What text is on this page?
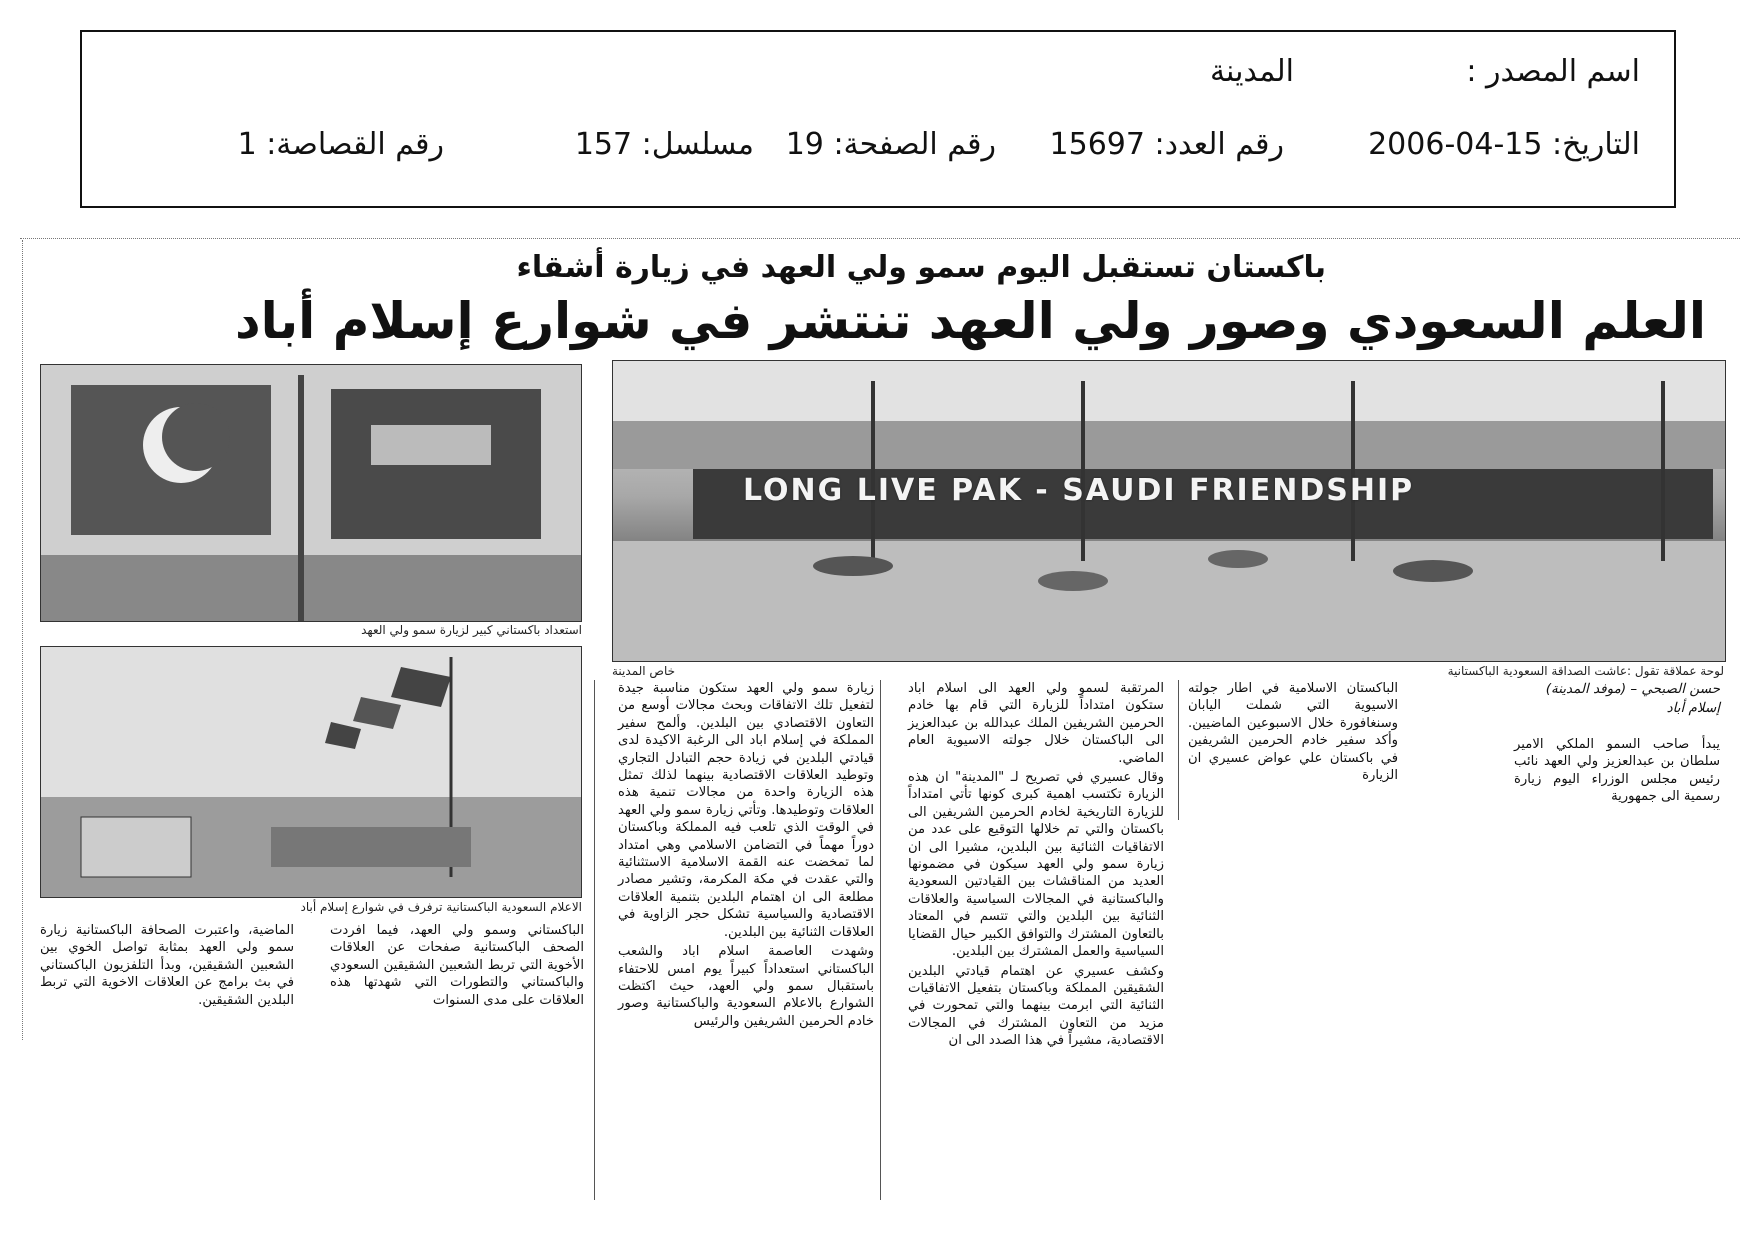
اسم المصدر :
المدينة
التاريخ: 15-04-2006
رقم العدد: 15697
رقم الصفحة: 19
مسلسل: 157
رقم القصاصة: 1
باكستان تستقبل اليوم سمو ولي العهد في زيارة أشقاء
العلم السعودي وصور ولي العهد تنتشر في شوارع إسلام أباد
LONG LIVE PAK - SAUDI FRIENDSHIP
لوحة عملاقة تقول :عاشت الصداقة السعودية الباكستانية
خاص المدينة
استعداد باكستاني كبير لزيارة سمو ولي العهد
الاعلام السعودية الباكستانية ترفرف في شوارع إسلام أباد
حسن الصبحي – (موفد المدينة) إسلام أباد
يبدأ صاحب السمو الملكي الامير سلطان بن عبدالعزيز ولي العهد نائب رئيس مجلس الوزراء اليوم زيارة رسمية الى جمهورية
الباكستان الاسلامية في اطار جولته الاسيوية التي شملت اليابان وسنغافورة خلال الاسبوعين الماضيين. وأكد سفير خادم الحرمين الشريفين في باكستان علي عواض عسيري ان الزيارة

المرتقبة لسمو ولي العهد الى اسلام اباد ستكون امتداداً للزيارة التي قام بها خادم الحرمين الشريفين الملك عبدالله بن عبدالعزيز الى الباكستان خلال جولته الاسيوية العام الماضي.

وقال عسيري في تصريح لـ "المدينة" ان هذه الزيارة تكتسب اهمية كبرى كونها تأتي امتداداً للزيارة التاريخية لخادم الحرمين الشريفين الى باكستان والتي تم خلالها التوقيع على عدد من الاتفاقيات الثنائية بين البلدين، مشيرا الى ان زيارة سمو ولي العهد سيكون في مضمونها العديد من المناقشات بين القيادتين السعودية والباكستانية في المجالات السياسية والعلاقات الثنائية بين البلدين والتي تتسم في المعتاد بالتعاون المشترك والتوافق الكبير حيال القضايا السياسية والعمل المشترك بين البلدين.

وكشف عسيري عن اهتمام قيادتي البلدين الشقيقين المملكة وباكستان بتفعيل الاتفاقيات الثنائية التي ابرمت بينهما والتي تمحورت في مزيد من التعاون المشترك في المجالات الاقتصادية، مشيراً في هذا الصدد الى ان

زيارة سمو ولي العهد ستكون مناسبة جيدة لتفعيل تلك الاتفاقات وبحث مجالات أوسع من التعاون الاقتصادي بين البلدين. وألمح سفير المملكة في إسلام اباد الى الرغبة الاكيدة لدى قيادتي البلدين في زيادة حجم التبادل التجاري وتوطيد العلاقات الاقتصادية بينهما لذلك تمثل هذه الزيارة واحدة من مجالات تنمية هذه العلاقات وتوطيدها. وتأتي زيارة سمو ولي العهد في الوقت الذي تلعب فيه المملكة وباكستان دوراً مهماً في التضامن الاسلامي وهي امتداد لما تمخضت عنه القمة الاسلامية الاستثنائية والتي عقدت في مكة المكرمة، وتشير مصادر مطلعة الى ان اهتمام البلدين بتنمية العلاقات الاقتصادية والسياسية تشكل حجر الزاوية في العلاقات الثنائية بين البلدين.

وشهدت العاصمة اسلام اباد والشعب الباكستاني استعداداً كبيراً يوم امس للاحتفاء باستقبال سمو ولي العهد، حيث اكتظت الشوارع بالاعلام السعودية والباكستانية وصور خادم الحرمين الشريفين والرئيس

الباكستاني وسمو ولي العهد، فيما افردت الصحف الباكستانية صفحات عن العلاقات الأخوية التي تربط الشعبين الشقيقين السعودي والباكستاني والتطورات التي شهدتها هذه العلاقات على مدى السنوات
الماضية، واعتبرت الصحافة الباكستانية زيارة سمو ولي العهد بمثابة تواصل الخوي بين الشعبين الشقيقين، وبدأ التلفزيون الباكستاني في بث برامج عن العلاقات الاخوية التي تربط البلدين الشقيقين.
